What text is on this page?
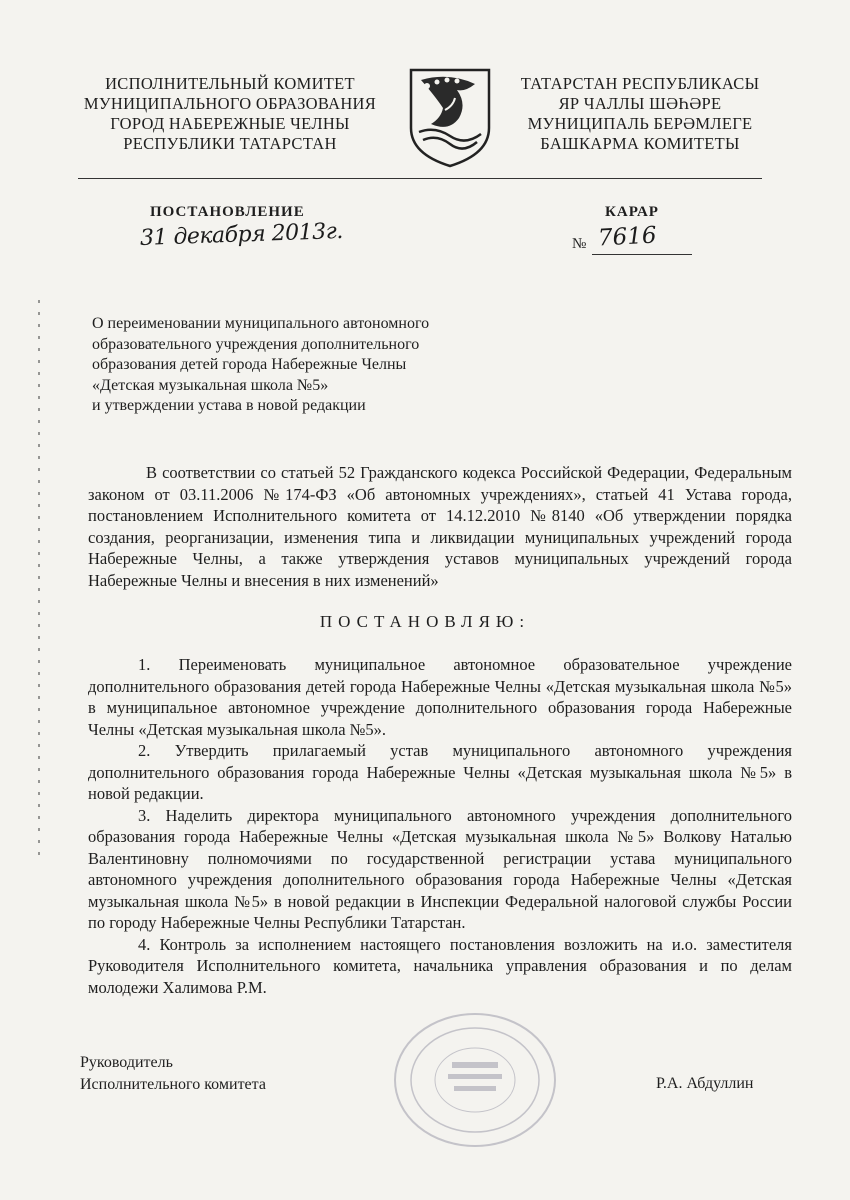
ИСПОЛНИТЕЛЬНЫЙ КОМИТЕТ
МУНИЦИПАЛЬНОГО ОБРАЗОВАНИЯ
ГОРОД НАБЕРЕЖНЫЕ ЧЕЛНЫ
РЕСПУБЛИКИ ТАТАРСТАН
ТАТАРСТАН РЕСПУБЛИКАСЫ
ЯР ЧАЛЛЫ ШӘҺӘРЕ
МУНИЦИПАЛЬ БЕРӘМЛЕГЕ
БАШКАРМА КОМИТЕТЫ
ПОСТАНОВЛЕНИЕ	КАРАР
31 декабря 2013г.	№ 7616
О переименовании муниципального автономного
образовательного учреждения дополнительного
образования детей города Набережные Челны
«Детская музыкальная школа №5»
и утверждении устава в новой редакции
В соответствии со статьей 52 Гражданского кодекса Российской Федерации, Федеральным законом от 03.11.2006 №174-ФЗ «Об автономных учреждениях», статьей 41 Устава города, постановлением Исполнительного комитета от 14.12.2010 №8140 «Об утверждении порядка создания, реорганизации, изменения типа и ликвидации муниципальных учреждений города Набережные Челны, а также утверждения уставов муниципальных учреждений города Набережные Челны и внесения в них изменений»
ПОСТАНОВЛЯЮ:

1. Переименовать муниципальное автономное образовательное учреждение дополнительного образования детей города Набережные Челны «Детская музыкальная школа №5» в муниципальное автономное учреждение дополнительного образования города Набережные Челны «Детская музыкальная школа №5».

2. Утвердить прилагаемый устав муниципального автономного учреждения дополнительного образования города Набережные Челны «Детская музыкальная школа №5» в новой редакции.

3. Наделить директора муниципального автономного учреждения дополнительного образования города Набережные Челны «Детская музыкальная школа №5» Волкову Наталью Валентиновну полномочиями по государственной регистрации устава муниципального автономного учреждения дополнительного образования города Набережные Челны «Детская музыкальная школа №5» в новой редакции в Инспекции Федеральной налоговой службы России по городу Набережные Челны Республики Татарстан.

4. Контроль за исполнением настоящего постановления возложить на и.о. заместителя Руководителя Исполнительного комитета, начальника управления образования и по делам молодежи Халимова Р.М.

Руководитель
Исполнительного комитета	Р.А. Абдуллин
